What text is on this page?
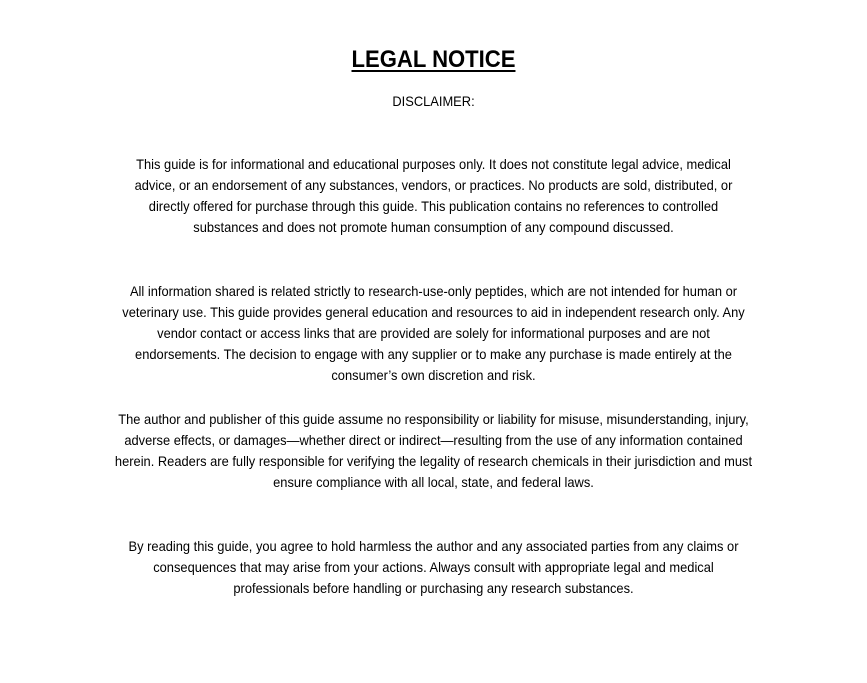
LEGAL NOTICE
DISCLAIMER:

This guide is for informational and educational purposes only. It does not constitute legal advice, medical advice, or an endorsement of any substances, vendors, or practices. No products are sold, distributed, or directly offered for purchase through this guide. This publication contains no references to controlled substances and does not promote human consumption of any compound discussed.

All information shared is related strictly to research-use-only peptides, which are not intended for human or veterinary use. This guide provides general education and resources to aid in independent research only. Any vendor contact or access links that are provided are solely for informational purposes and are not endorsements. The decision to engage with any supplier or to make any purchase is made entirely at the consumer’s own discretion and risk.

The author and publisher of this guide assume no responsibility or liability for misuse, misunderstanding, injury, adverse effects, or damages—whether direct or indirect—resulting from the use of any information contained herein. Readers are fully responsible for verifying the legality of research chemicals in their jurisdiction and must ensure compliance with all local, state, and federal laws.

By reading this guide, you agree to hold harmless the author and any associated parties from any claims or consequences that may arise from your actions. Always consult with appropriate legal and medical professionals before handling or purchasing any research substances.
